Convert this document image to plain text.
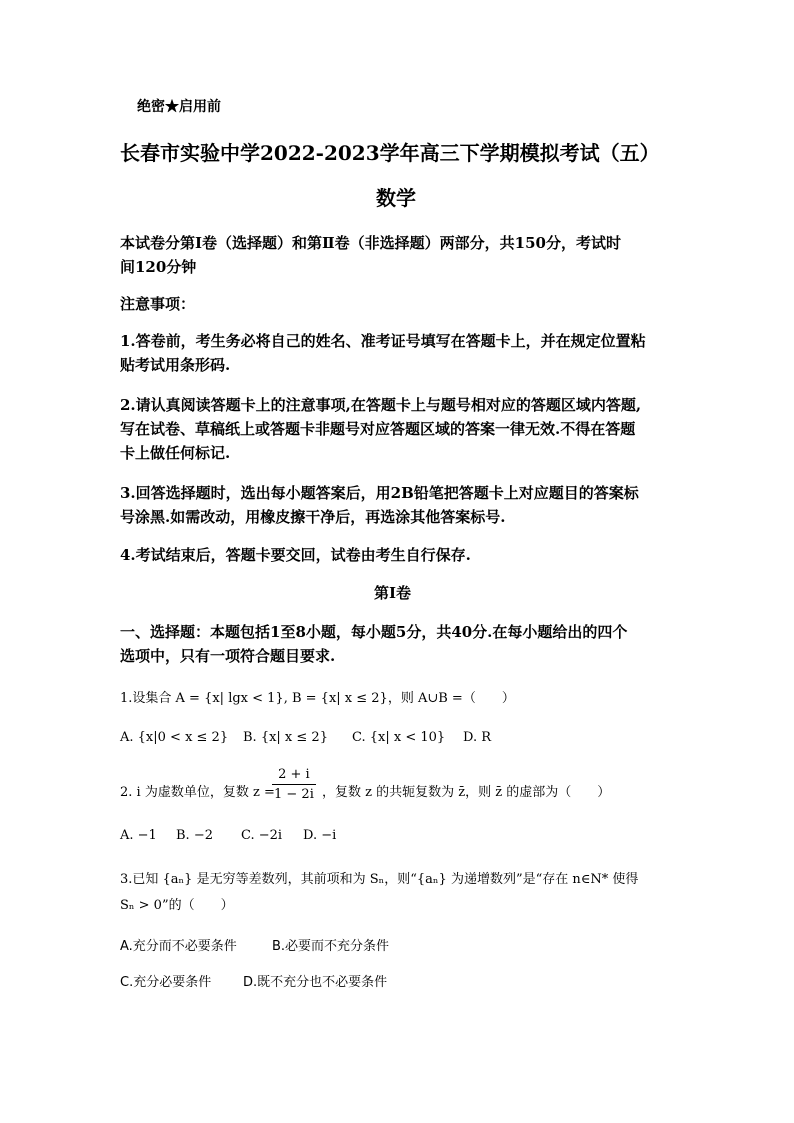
绝密★启用前
长春市实验中学2022-2023学年高三下学期模拟考试（五）
数学
本试卷分第Ⅰ卷（选择题）和第Ⅱ卷（非选择题）两部分，共150分，考试时
间120分钟
注意事项：
1.答卷前，考生务必将自己的姓名、准考证号填写在答题卡上，并在规定位置粘
贴考试用条形码.
2.请认真阅读答题卡上的注意事项,在答题卡上与题号相对应的答题区域内答题,
写在试卷、草稿纸上或答题卡非题号对应答题区域的答案一律无效.不得在答题
卡上做任何标记.
3.回答选择题时，选出每小题答案后，用2B铅笔把答题卡上对应题目的答案标
号涂黑.如需改动，用橡皮擦干净后，再选涂其他答案标号.
4.考试结束后，答题卡要交回，试卷由考生自行保存.
第Ⅰ卷
一、选择题：本题包括1至8小题，每小题5分，共40分.在每小题给出的四个
选项中，只有一项符合题目要求.
1.设集合 A = {x| lgx < 1}, B = {x| x ≤ 2}，则 A∪B =（　　）
A. {x|0 < x ≤ 2} B. {x| x ≤ 2} C. {x| x < 10} D. R
2. i 为虚数单位，复数 z =
$\frac{2 + i}{1 - 2i}$ ，复数 z 的共轭复数为 z̄，则 z̄ 的虚部为（　　）
A. −1 B. −2 C. −2i D. −i
3.已知 {aₙ} 是无穷等差数列，其前项和为 Sₙ，则“{aₙ} 为递增数列”是“存在 n∈N* 使得
Sₙ > 0”的（　　）
A.充分而不必要条件	B.必要而不充分条件
C.充分必要条件 D.既不充分也不必要条件
